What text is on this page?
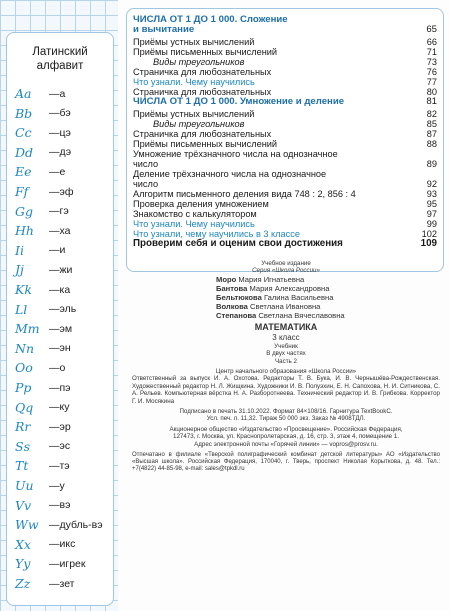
Латинский
алфавит
Aa	— а
Bb	— бэ
Cc	— цэ
Dd	— дэ
Ee	— е
Ff	— эф
Gg	— гэ
Hh	— ха
Ii	— и
Jj	— жи
Kk	— ка
Ll	— эль
Mm — эм
Nn	— эн
Oo	— о
Pp	— пэ
Qq	— ку
Rr	— эр
Ss	— эс
Tt	— тэ
Uu	— у
Vv	— вэ
Ww — дубль-вэ
Xx	— икс
Yy	— игрек
Zz	— зет
ЧИСЛА ОТ 1 ДО 1 000. Сложение
и вычитание	65
Приёмы устных вычислений	66
Приёмы письменных вычислений	71
Виды треугольников	73
Страничка для любознательных	76
Что узнали. Чему научились	77
Страничка для любознательных	80
ЧИСЛА ОТ 1 ДО 1 000. Умножение и деление	81
Приёмы устных вычислений	82
Виды треугольников	85
Страничка для любознательных	87
Приёмы письменных вычислений	88
Умножение трёхзначного числа на однозначное
число	89
Деление трёхзначного числа на однозначное
число	92
Алгоритм письменного деления вида 748 : 2, 856 : 4	93
Проверка деления умножением	95
Знакомство с калькулятором	97
Что узнали. Чему научились	99
Что узнали, чему научились в 3 классе	102
Проверим себя и оценим свои достижения	109
Учебное издание
Серия «Школа России»
Моро Мария Игнатьевна
Бантова Мария Александровна
Бельтюкова Галина Васильевна
Волкова Светлана Ивановна
Степанова Светлана Вячеславовна
МАТЕМАТИКА
3 класс
Учебник
В двух частях
Часть 2
Центр начального образования «Школа России»
Ответственный за выпуск И. А. Охотова. Редакторы Т. В. Бука, И. В. Чернышёва-Рождественская. Художественный редактор Н. Л. Жищкина. Художники И. В. Полуэхин, Е. Н. Сапохова, Н. И. Ситникова, С. А. Рельев. Компьютерная вёрстка Н. А. Разборотнеева. Технический редактор И. В. Грибкова. Корректор Г. И. Мосякина
Подписано в печать 31.10.2022. Формат 84×108/16. Гарнитура TextBookC.
Усл. печ. л. 11,32. Тираж 50 000 экз. Заказ № 4908ТДЛ.
Акционерное общество «Издательство «Просвещение». Российская Федерация,
127473, г. Москва, ул. Краснопролетарская, д. 16, стр. 3, этаж 4, помещение 1.
Адрес электронной почты «Горячей линии» — vopros@prosv.ru.
Отпечатано в филиале «Тверской полиграфический комбинат детской литературы» АО «Издательство «Высшая школа». Российская Федерация, 170040, г. Тверь, проспект Николая Корыткова, д. 48. Тел.: +7(4822) 44-85-98, e-mail: sales@tpkdl.ru
